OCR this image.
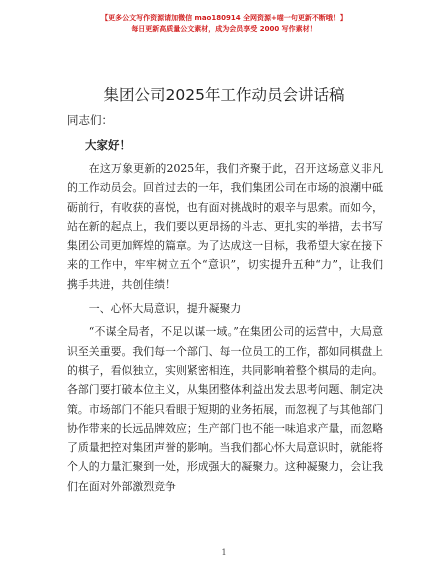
【更多公文写作资源请加微信 mao180914 全网资源+喵一句更新不断哦！】
每日更新高质量公文素材，成为会员享受 2000 写作素材！
集团公司2025年工作动员会讲话稿
同志们：
大家好！

在这万象更新的2025年，我们齐聚于此，召开这场意义非凡的工作动员会。回首过去的一年，我们集团公司在市场的浪潮中砥砺前行，有收获的喜悦，也有面对挑战时的艰辛与思索。而如今，站在新的起点上，我们要以更昂扬的斗志、更扎实的举措，去书写集团公司更加辉煌的篇章。为了达成这一目标，我希望大家在接下来的工作中，牢牢树立五个“意识”，切实提升五种“力”，让我们携手共进，共创佳绩！

一、心怀大局意识，提升凝聚力

“不谋全局者，不足以谋一域。”在集团公司的运营中，大局意识至关重要。我们每一个部门、每一位员工的工作，都如同棋盘上的棋子，看似独立，实则紧密相连，共同影响着整个棋局的走向。各部门要打破本位主义，从集团整体利益出发去思考问题、制定决策。市场部门不能只看眼于短期的业务拓展，而忽视了与其他部门协作带来的长远品牌效应；生产部门也不能一味追求产量，而忽略了质量把控对集团声誉的影响。当我们都心怀大局意识时，就能将个人的力量汇聚到一处，形成强大的凝聚力。这种凝聚力，会让我们在面对外部激烈竞争

1
